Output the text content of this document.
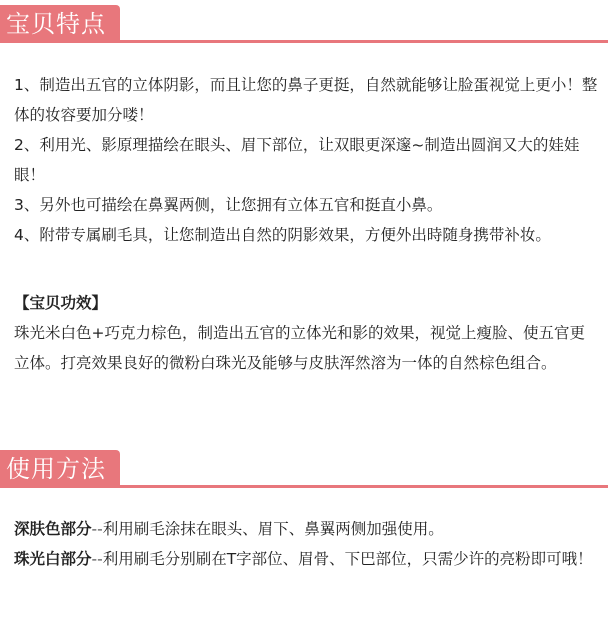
宝贝特点
1、制造出五官的立体阴影，而且让您的鼻子更挺，自然就能够让脸蛋视觉上更小！整体的妆容要加分喽！
2、利用光、影原理描绘在眼头、眉下部位，让双眼更深邃~制造出圆润又大的娃娃眼！
3、另外也可描绘在鼻翼两侧，让您拥有立体五官和挺直小鼻。
4、附带专属刷毛具，让您制造出自然的阴影效果，方便外出時随身携带补妆。
【宝贝功效】

珠光米白色+巧克力棕色，制造出五官的立体光和影的效果，视觉上瘦脸、使五官更立体。打亮效果良好的微粉白珠光及能够与皮肤浑然溶为一体的自然棕色组合。

使用方法

深肤色部分--利用刷毛涂抹在眼头、眉下、鼻翼两侧加强使用。

珠光白部分--利用刷毛分别刷在T字部位、眉骨、下巴部位，只需少许的亮粉即可哦！
